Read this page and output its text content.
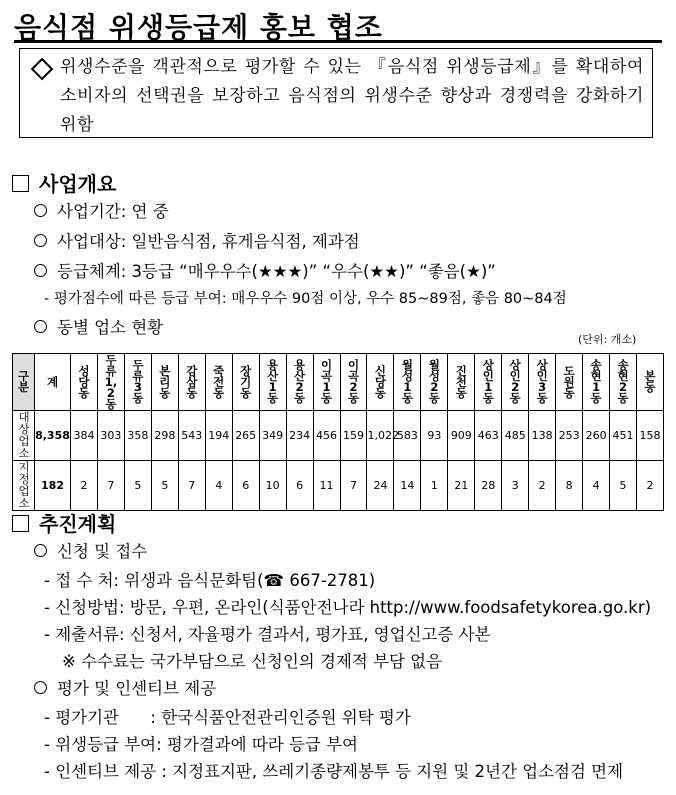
음식점 위생등급제 홍보 협조
위생수준을 객관적으로 평가할 수 있는 『음식점 위생등급제』를 확대하여 소비자의 선택권을 보장하고 음식점의 위생수준 향상과 경쟁력을 강화하기 위함
사업개요
사업기간: 연 중
사업대상: 일반음식점, 휴게음식점, 제과점
등급체계: 3등급 “매우우수(★★★)” “우수(★★)” “좋음(★)”
- 평가점수에 따른 등급 부여: 매우우수 90점 이상, 우수 85~89점, 좋음 80~84점
동별 업소 현황
(단위: 개소)
구분	계	성당동	두류1,2동	두류3동	본리동	감삼동	죽전동	장기동	용산1동	용산2동	이곡1동	이곡2동	신당동	월성1동	월성2동	진천동	상인1동	상인2동	상인3동	도원동	송현1동	송현2동	본동
대상업소	8,358	384	303	358	298	543	194	265	349	234	456	159	1,022	583	93	909	463	485	138	253	260	451	158
지정업소	182	2	7	5	5	7	4	6	10	6	11	7	24	14	1	21	28	3	2	8	4	5	2
추진계획
신청 및 접수
- 접 수 처: 위생과 음식문화팀(☎ 667-2781)
- 신청방법: 방문, 우편, 온라인(식품안전나라 http://www.foodsafetykorea.go.kr)
- 제출서류: 신청서, 자율평가 결과서, 평가표, 영업신고증 사본
※ 수수료는 국가부담으로 신청인의 경제적 부담 없음
평가 및 인센티브 제공
- 평가기관      : 한국식품안전관리인증원 위탁 평가
- 위생등급 부여: 평가결과에 따라 등급 부여
- 인센티브 제공 : 지정표지판, 쓰레기종량제봉투 등 지원 및 2년간 업소점검 면제
